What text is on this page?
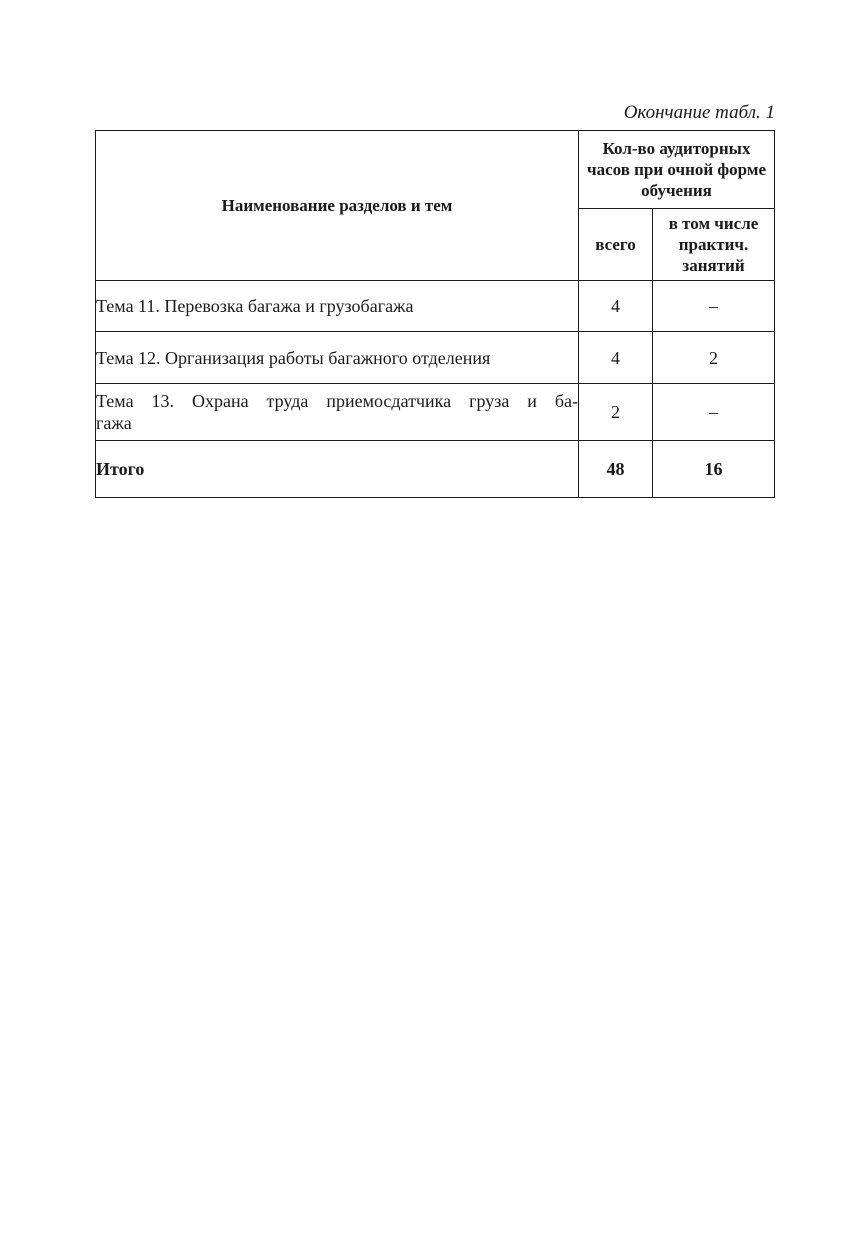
Окончание табл. 1
Наименование разделов и тем	Кол-во аудиторных часов при очной форме обучения	

	всего	в том числе практич. занятий

Тема 11. Перевозка багажа и грузобагажа	4	–
Тема 12. Организация работы багажного отделения	4	2

Тема 13. Охрана труда приемосдатчика груза и ба-
гажа	2	–
Итого	48	16
